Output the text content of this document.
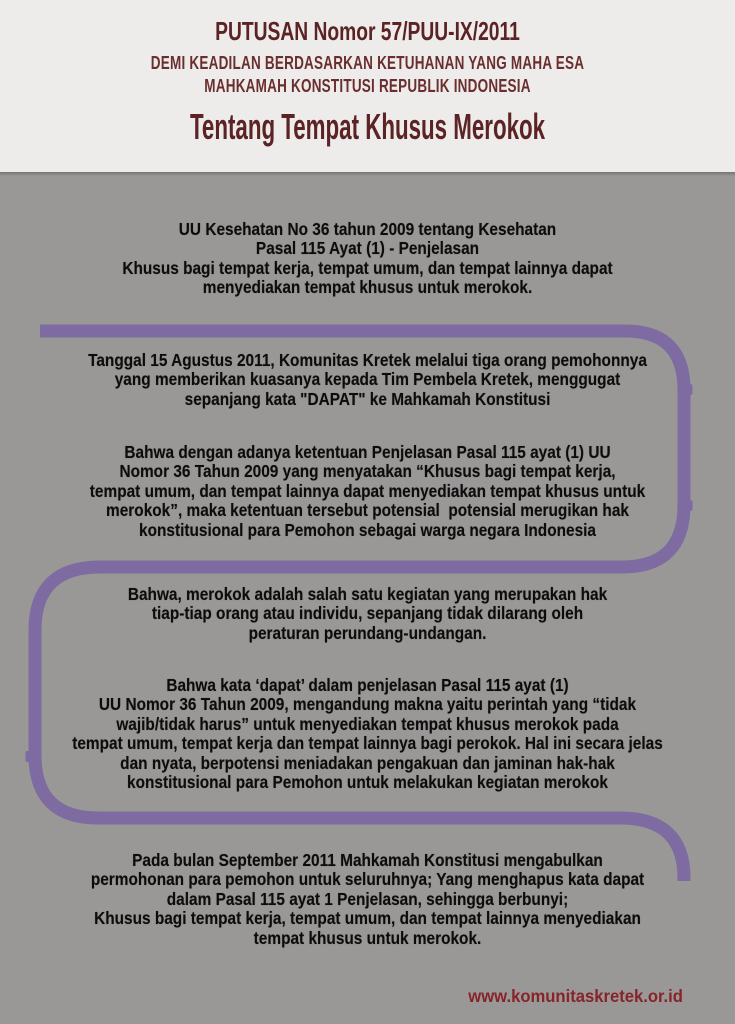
PUTUSAN Nomor 57/PUU-IX/2011
DEMI KEADILAN BERDASARKAN KETUHANAN YANG MAHA ESA
MAHKAMAH KONSTITUSI REPUBLIK INDONESIA
Tentang Tempat Khusus Merokok
UU Kesehatan No 36 tahun 2009 tentang Kesehatan
Pasal 115 Ayat (1) - Penjelasan
Khusus bagi tempat kerja, tempat umum, dan tempat lainnya dapat
menyediakan tempat khusus untuk merokok.
Tanggal 15 Agustus 2011, Komunitas Kretek melalui tiga orang pemohonnya
yang memberikan kuasanya kepada Tim Pembela Kretek, menggugat
sepanjang kata "DAPAT" ke Mahkamah Konstitusi
Bahwa dengan adanya ketentuan Penjelasan Pasal 115 ayat (1) UU
Nomor 36 Tahun 2009 yang menyatakan “Khusus bagi tempat kerja,
tempat umum, dan tempat lainnya dapat menyediakan tempat khusus untuk
merokok”, maka ketentuan tersebut potensial  potensial merugikan hak
konstitusional para Pemohon sebagai warga negara Indonesia
Bahwa, merokok adalah salah satu kegiatan yang merupakan hak
tiap-tiap orang atau individu, sepanjang tidak dilarang oleh
peraturan perundang-undangan.
Bahwa kata ‘dapat’ dalam penjelasan Pasal 115 ayat (1)
UU Nomor 36 Tahun 2009, mengandung makna yaitu perintah yang “tidak
wajib/tidak harus” untuk menyediakan tempat khusus merokok pada
tempat umum, tempat kerja dan tempat lainnya bagi perokok. Hal ini secara jelas
dan nyata, berpotensi meniadakan pengakuan dan jaminan hak-hak
konstitusional para Pemohon untuk melakukan kegiatan merokok
Pada bulan September 2011 Mahkamah Konstitusi mengabulkan
permohonan para pemohon untuk seluruhnya; Yang menghapus kata dapat
dalam Pasal 115 ayat 1 Penjelasan, sehingga berbunyi;
Khusus bagi tempat kerja, tempat umum, dan tempat lainnya menyediakan
tempat khusus untuk merokok.
www.komunitaskretek.or.id
